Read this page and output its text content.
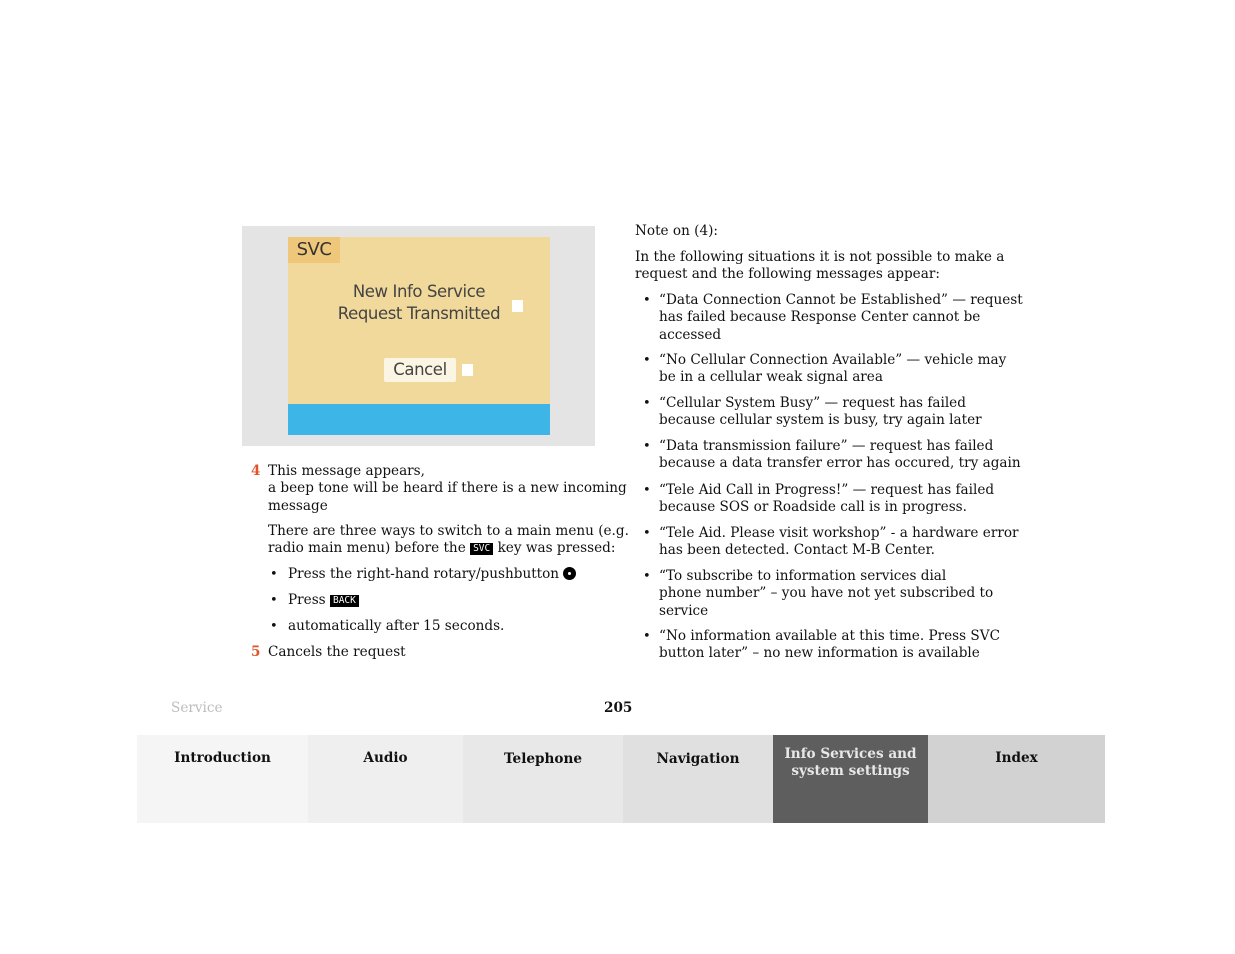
SVC
New Info Service
Request Transmitted
Cancel
4 This message appears,
a beep tone will be heard if there is a new incoming
message
There are three ways to switch to a main menu (e.g.
radio main menu) before the SVC key was pressed:
• Press the right-hand rotary/pushbutton
• Press BACK
• automatically after 15 seconds.
5 Cancels the request
Note on (4):
In the following situations it is not possible to make a
request and the following messages appear:
• “Data Connection Cannot be Established” — request
has failed because Response Center cannot be
accessed
• “No Cellular Connection Available” — vehicle may
be in a cellular weak signal area
• “Cellular System Busy” — request has failed
because cellular system is busy, try again later
• “Data transmission failure” — request has failed
because a data transfer error has occured, try again
• “Tele Aid Call in Progress!” — request has failed
because SOS or Roadside call is in progress.
• “Tele Aid. Please visit workshop” - a hardware error
has been detected. Contact M-B Center.
• “To subscribe to information services dial
phone number” – you have not yet subscribed to
service
• “No information available at this time. Press SVC
button later” – no new information is available
Service	205
Introduction	Audio	Telephone	Navigation	Info Services and
system settings
Index
